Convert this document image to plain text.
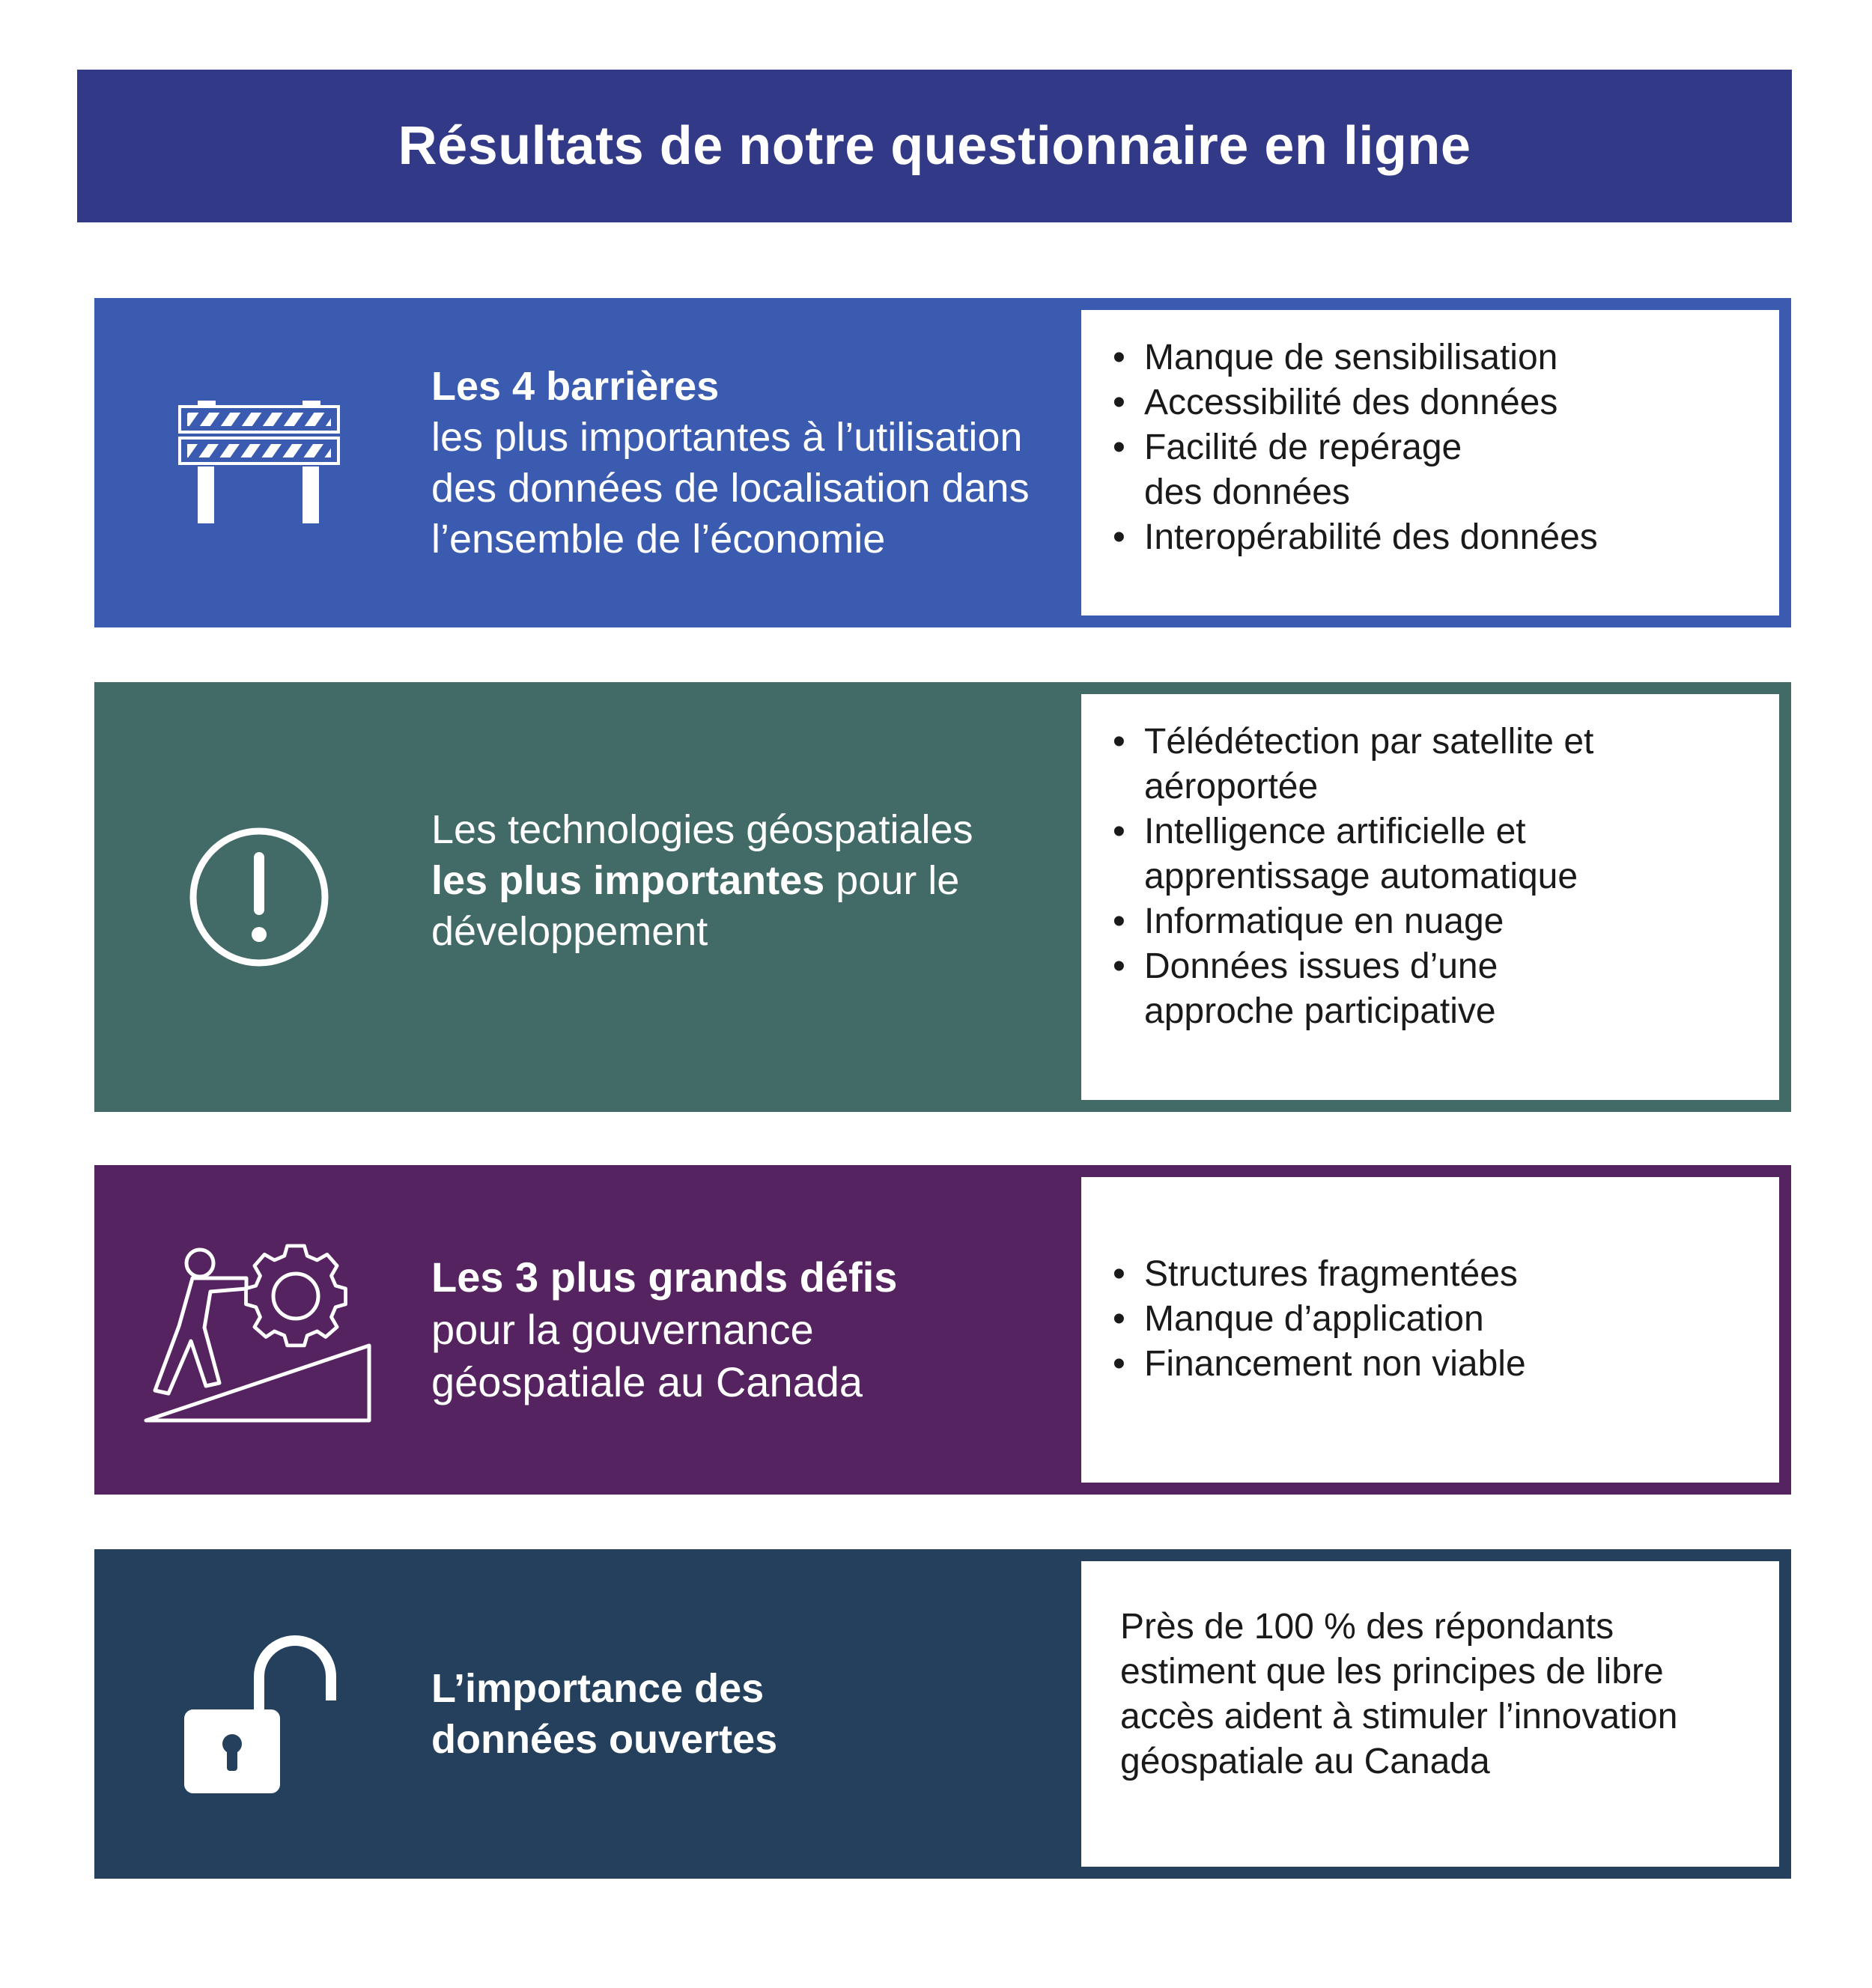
Résultats de notre questionnaire en ligne
Les 4 barrières
les plus importantes à l’utilisation des données de localisation dans l’ensemble de l’économie
• Manque de sensibilisation
• Accessibilité des données
• Facilité de repérage des données
• Interopérabilité des données
Les technologies géospatiales
les plus importantes pour le développement
• Télédétection par satellite et aéroportée
• Intelligence artificielle et apprentissage automatique
• Informatique en nuage
• Données issues d’une approche participative
Les 3 plus grands défis
pour la gouvernance géospatiale au Canada
• Structures fragmentées
• Manque d’application
• Financement non viable
L’importance des données ouvertes

Près de 100 % des répondants estiment que les principes de libre accès aident à stimuler l’innovation géospatiale au Canada
